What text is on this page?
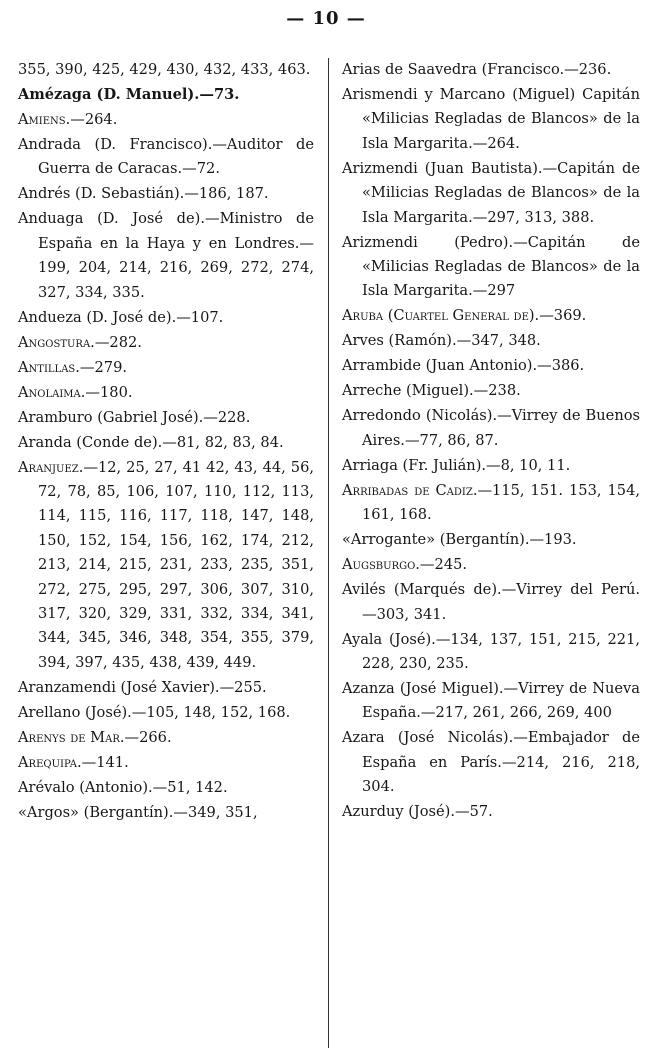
— 10 —

355, 390, 425, 429, 430, 432, 433, 463.

Amézaga (D. Manuel).—73.

Amiens.—264.

Andrada (D. Francisco).—Auditor de Guerra de Caracas.—72.

Andrés (D. Sebastián).—186, 187.

Anduaga (D. José de).—Ministro de España en la Haya y en Londres.—199, 204, 214, 216, 269, 272, 274, 327, 334, 335.

Andueza (D. José de).—107.

Angostura.—282.

Antillas.—279.

Anolaima.—180.

Aramburo (Gabriel José).—228.

Aranda (Conde de).—81, 82, 83, 84.

Aranjuez.—12, 25, 27, 41 42, 43, 44, 56, 72, 78, 85, 106, 107, 110, 112, 113, 114, 115, 116, 117, 118, 147, 148, 150, 152, 154, 156, 162, 174, 212, 213, 214, 215, 231, 233, 235, 351, 272, 275, 295, 297, 306, 307, 310, 317, 320, 329, 331, 332, 334, 341, 344, 345, 346, 348, 354, 355, 379, 394, 397, 435, 438, 439, 449.

Aranzamendi (José Xavier).—255.

Arellano (José).—105, 148, 152, 168.

Arenys de Mar.—266.

Arequipa.—141.

Arévalo (Antonio).—51, 142.

«Argos» (Bergantín).—349, 351,

Arias de Saavedra (Francisco.—236.

Arismendi y Marcano (Miguel) Capitán «Milicias Regladas de Blancos» de la Isla Margarita.—264.

Arizmendi (Juan Bautista).—Capitán de «Milicias Regladas de Blancos» de la Isla Margarita.—297, 313, 388.

Arizmendi (Pedro).—Capitán de «Milicias Regladas de Blancos» de la Isla Margarita.—297

Aruba (Cuartel General de).—369.

Arves (Ramón).—347, 348.

Arrambide (Juan Antonio).—386.

Arreche (Miguel).—238.

Arredondo (Nicolás).—Virrey de Buenos Aires.—77, 86, 87.

Arriaga (Fr. Julián).—8, 10, 11.

Arribadas de Cadiz.—115, 151. 153, 154, 161, 168.

«Arrogante» (Bergantín).—193.

Augsburgo.—245.

Avilés (Marqués de).—Virrey del Perú.—303, 341.

Ayala (José).—134, 137, 151, 215, 221, 228, 230, 235.

Azanza (José Miguel).—Virrey de Nueva España.—217, 261, 266, 269, 400

Azara (José Nicolás).—Embajador de España en París.—214, 216, 218, 304.

Azurduy (José).—57.
